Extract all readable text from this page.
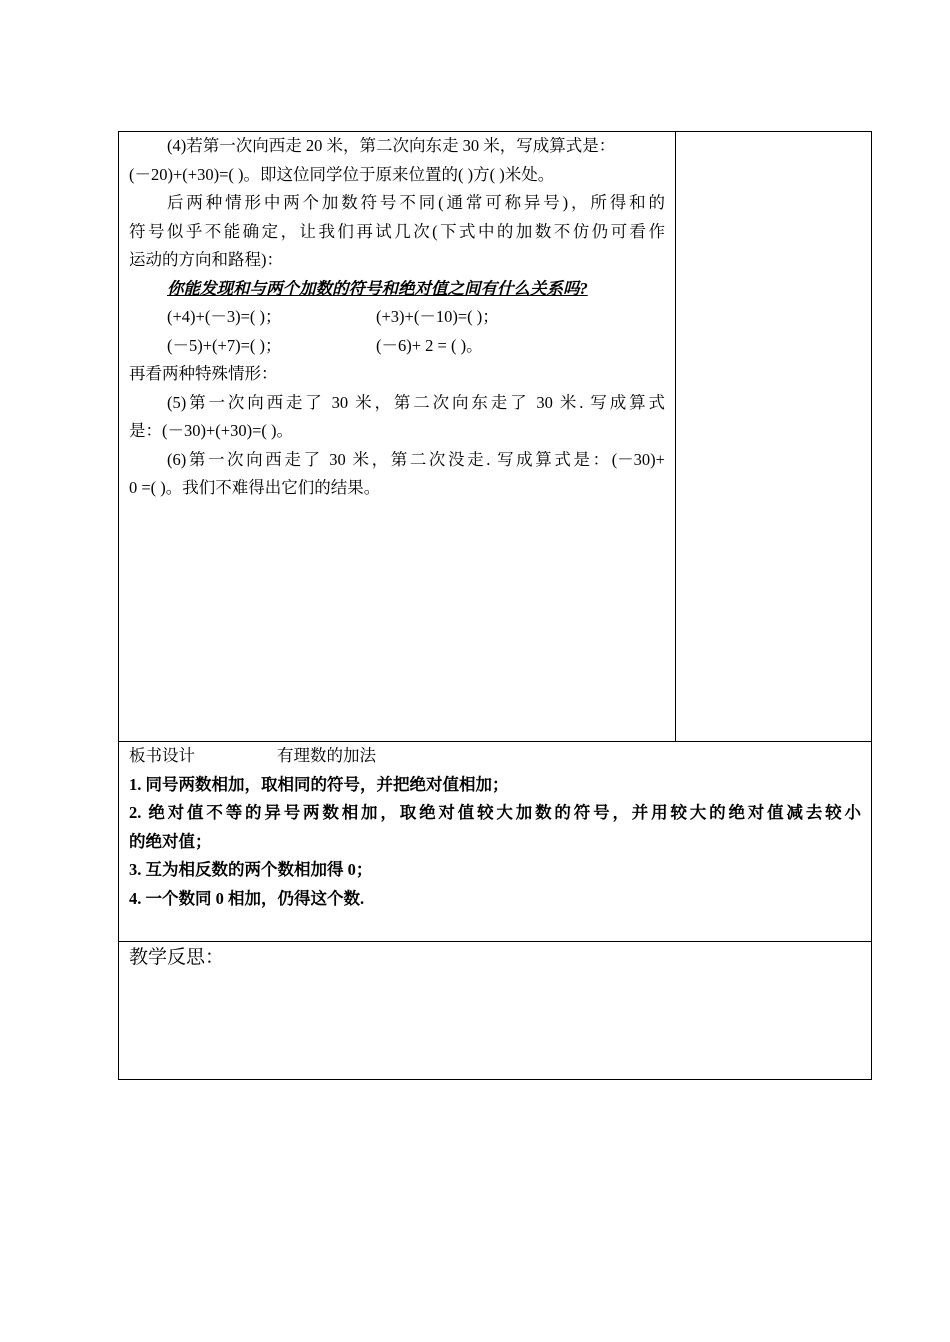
(4)若第一次向西走 20 米，第二次向东走 30 米，写成算式是：

(－20)+(+30)=( )。即这位同学位于原来位置的( )方( )米处。

后两种情形中两个加数符号不同(通常可称异号)，所得和的

符号似乎不能确定，让我们再试几次(下式中的加数不仿仍可看作

运动的方向和路程)：

你能发现和与两个加数的符号和绝对值之间有什么关系吗?

(+4)+(－3)=( )；	(+3)+(－10)=( )；

(－5)+(+7)=( )；	(－6)+ 2 = ( )。

再看两种特殊情形：

(5)第一次向西走了 30 米，第二次向东走了 30 米. 写成算式

是：(－30)+(+30)=( )。

(6)第一次向西走了 30 米，第二次没走. 写成算式是：(－30)+

0 =( )。我们不难得出它们的结果。

板书设计	有理数的加法

1. 同号两数相加，取相同的符号，并把绝对值相加；

2. 绝对值不等的异号两数相加，取绝对值较大加数的符号，并用较大的绝对值减去较小

的绝对值；

3. 互为相反数的两个数相加得 0；

4. 一个数同 0 相加，仍得这个数.

教学反思：
